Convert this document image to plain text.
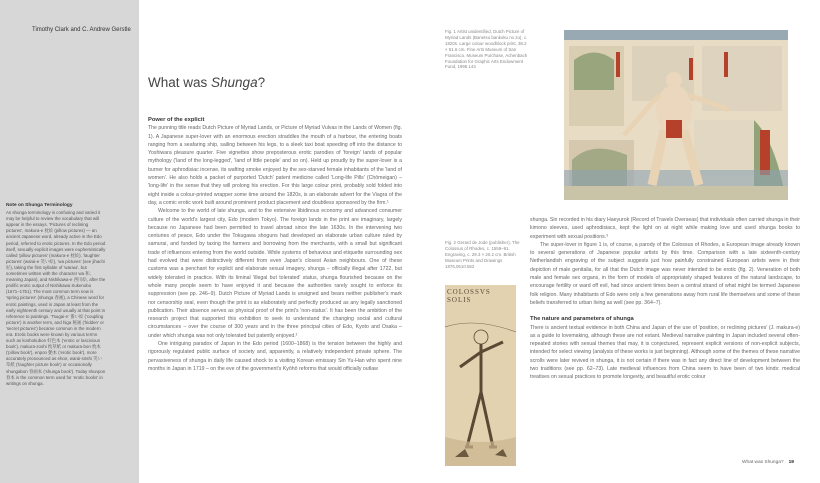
Timothy Clark and C. Andrew Gerstle
Note on Shunga Terminology
As shunga terminology is confusing and varied it may be helpful to review the vocabulary that will appear in the essays. 'Pictures of reclining pictures', makura-e 枕絵 (pillow pictures) — an ancient Japanese word, already active in the Edo period, referred to erotic pictures. In the Edo period itself, sexually explicit images were euphemistically called 'pillow pictures' (makura-e 枕絵), 'laughter pictures' (warai-e 笑い絵), 'wa pictures' (see jihachi 好), taking the first syllable of 'waraui', but sometimes written with the character wa 和, meaning Japan), and Nishikawa-e 西川絵, after the prolific erotic output of Nishikawa Sukenobu (1671–1751). The most common term now is 'spring pictures' (shunga 春画), a Chinese word for erotic paintings, used in Japan at least from the early eighteenth century and usually at that point in reference to paintings. 'Tsugai-e' 番い絵 ('coupling picture') is another term, and higa 秘画 ('hidden' or 'secret pictures') became common in the modern era. Erotic books were known by various terms such as koshokubon 好色本 ('erotic or lascivious book'), makura-zoshi 枕草紙 or makura-bon 枕本 ('pillow book'), enpon 艶本 ('erotic book'), more accurately pronounced as ehon, warai-sōshi 笑い草紙 ('laughter picture book') or occasionally shungabon 春画本 ('shunga book'). Today shunpon 春本 is the common term used for 'erotic books' in writings on shunga.
What was Shunga?
Power of the explicit

The punning title reads Dutch Picture of Myriad Lands, or Picture of Myriad Vulvas in the Lands of Women (fig. 1). A Japanese super-lover with an enormous erection straddles the mouth of a harbour, the entering boats ranging from a seafaring ship, sailing between his legs, to a sleek taxi boat speeding off into the distance to Yoshiwara pleasure quarter. Five vignettes show preposterous erotic parodies of 'foreign' lands of popular mythology ('land of the long-legged', 'land of little people' and so on). Held up proudly by the super-lover is a burner for aphrodisiac incense, its wafting smoke enjoyed by the sex-starved female inhabitants of the 'land of women'. He also holds a packet of purported 'Dutch' patent medicine called 'Long-life Pills' (Chōmeigan) – 'long-life' in the sense that they will prolong his erection. For this large colour print, probably sold folded into eight inside a colour-printed wrapper some time around the 1820s, is an elaborate advert for the Viagra of the day, a comic erotic work built around prominent product placement and doubtless sponsored by the firm.¹

Welcome to the world of late shunga, and to the extensive libidinous economy and advanced consumer culture of the world's largest city, Edo (modern Tokyo). The foreign lands in the print are imaginary, largely because no Japanese had been permitted to travel abroad since the late 1630s. In the intervening two centuries of peace, Edo under the Tokugawa shoguns had developed an elaborate urban culture ruled by samurai, and funded by taxing the farmers and borrowing from the merchants, with a small but significant trade of influences entering from the world outside. While systems of behaviour and etiquette surrounding sex had evolved that were distinctively different from even Japan's closest Asian neighbours. One of these customs was a penchant for explicit and elaborate sexual imagery, shunga – officially illegal after 1722, but widely tolerated in practice. With its liminal 'illegal but tolerated' status, shunga flourished because on the whole many people seem to have enjoyed it and because the authorities rarely sought to enforce its suppression (see pp. 246–9). Dutch Picture of Myriad Lands is unsigned and bears neither publisher's mark nor censorship seal, even though the print is as elaborately and perfectly produced as any legally sanctioned publication. Their absence serves as physical proof of the print's 'non-status'. It has been the ambition of the research project that supported this exhibition to seek to understand the changing social and cultural circumstances – over the course of 300 years and in the three principal cities of Edo, Kyoto and Osaka – under which shunga was not only tolerated but patently enjoyed.²

One intriguing paradox of Japan in the Edo period (1600–1868) is the tension between the highly and rigorously regulated public surface of society and, apparently, a relatively independent private sphere. The pervasiveness of shunga in daily life caused shock to a visiting Korean emissary Sin Yu-Han who spent nine months in Japan in 1719 – on the eve of the government's Kyōhō reforms that would officially outlaw

Fig. 1 Artist unidentified, Dutch Picture of Myriad Lands (Banetsu bankoku no zu), c. 1820s. Large colour woodblock print, 38.2 × 51.6 cm. Fine Arts Museum of San Francisco. Museum Purchase, Achenbach Foundation for Graphic Arts Endowment Fund, 1996.144
Fig. 2 Gerard de Jode (publisher), The Colossus of Rhodes, c. 1559–91. Engraving, c. 29.3 × 20.2 cm. British Museum Prints and Drawings 1876,0510.552
COLOSSVS SOLIS

shunga. Sin recorded in his diary Haeyurok (Record of Travels Overseas) that individuals often carried shunga in their kimono sleeves, used aphrodisiacs, kept the light on at night while making love and used shunga books to experiment with sexual positions.³

The super-lover in figure 1 is, of course, a parody of the Colossus of Rhodes, a European image already known to several generations of Japanese popular artists by this time. Comparison with a late sixteenth-century Netherlandish engraving of the subject suggests just how painfully constrained European artists were in their depiction of male genitalia, for all that the Dutch image was never intended to be erotic (fig. 2). Veneration of both male and female sex organs, in the form of models of appropriately shaped features of the natural landscape, to encourage fertility or ward off evil, had since ancient times been a central strand of what might be termed Japanese folk religion. Many inhabitants of Edo were only a few generations away from rural life themselves and some of these beliefs transferred to urban living as well (see pp. 364–7).

The nature and parameters of shunga

There is ancient textual evidence in both China and Japan of the use of 'position, or reclining pictures' (J. makura-e) as a guide to lovemaking, although these are not extant. Medieval narrative painting in Japan included several often-repeated stories with sexual themes that may, it is conjectured, represent explicit versions of non-explicit subjects, intended for select viewing (analysis of these works is just beginning). Although some of the themes of these narrative scrolls were later revived in shunga, it is not certain if there was in fact any direct line of development between the two traditions (see pp. 62–73). Late medieval influences from China seem to have been of two kinds: medical treatises on sexual practices to promote longevity, and beautiful erotic colour

What was Shunga? 19
